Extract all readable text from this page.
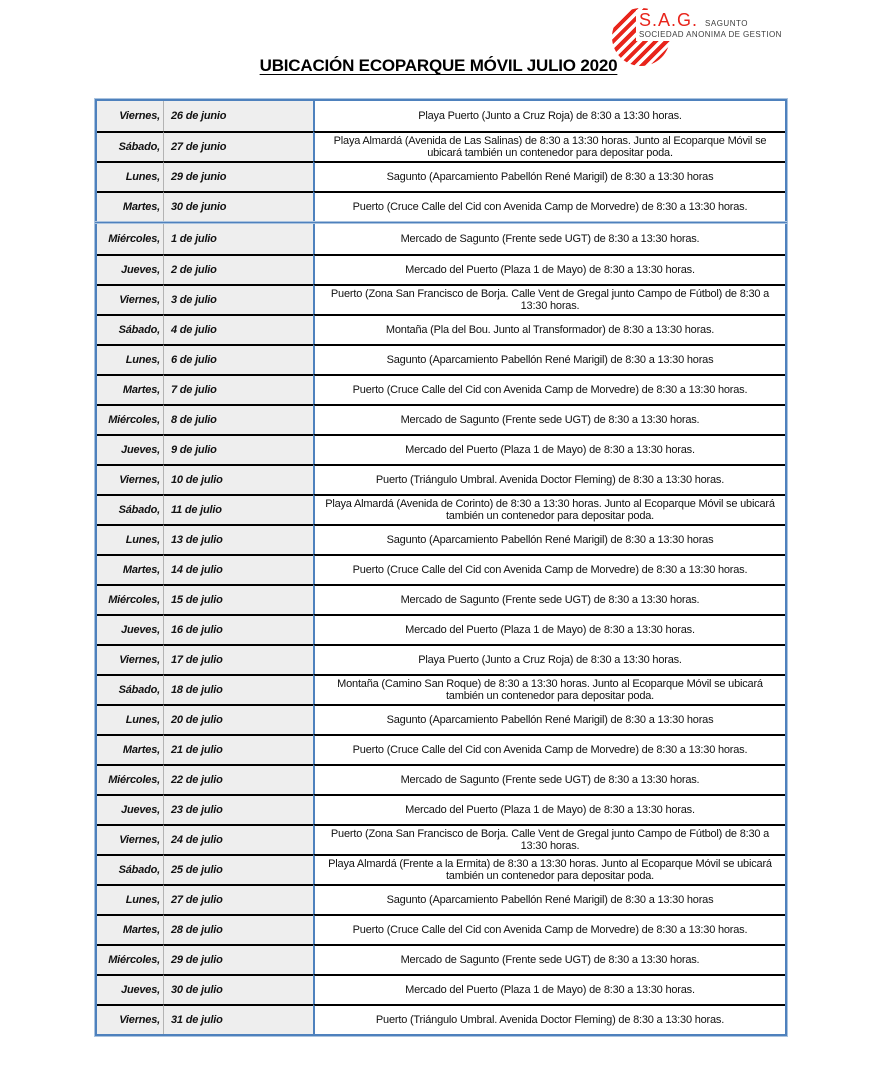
S.A.G. SAGUNTO
SOCIEDAD ANONIMA DE GESTION
UBICACIÓN ECOPARQUE MÓVIL JULIO 2020
Viernes,	26 de junio	Playa Puerto (Junto a Cruz Roja) de 8:30 a 13:30 horas.
Sábado,	27 de junio	Playa Almardá (Avenida de Las Salinas) de 8:30 a 13:30 horas. Junto al Ecoparque Móvil se ubicará también un contenedor para depositar poda.
Lunes,	29 de junio	Sagunto (Aparcamiento Pabellón René Marigil) de 8:30 a 13:30 horas
Martes,	30 de junio	Puerto (Cruce Calle del Cid con Avenida Camp de Morvedre) de 8:30 a 13:30 horas.
Miércoles,	1 de julio	Mercado de Sagunto (Frente sede UGT) de 8:30 a 13:30 horas.
Jueves,	2 de julio	Mercado del Puerto (Plaza 1 de Mayo) de 8:30 a 13:30 horas.
Viernes,	3 de julio	Puerto (Zona San Francisco de Borja. Calle Vent de Gregal junto Campo de Fútbol) de 8:30 a 13:30 horas.
Sábado,	4 de julio	Montaña (Pla del Bou. Junto al Transformador) de 8:30 a 13:30 horas.
Lunes,	6 de julio	Sagunto (Aparcamiento Pabellón René Marigil) de 8:30 a 13:30 horas
Martes,	7 de julio	Puerto (Cruce Calle del Cid con Avenida Camp de Morvedre) de 8:30 a 13:30 horas.
Miércoles,	8 de julio	Mercado de Sagunto (Frente sede UGT) de 8:30 a 13:30 horas.
Jueves,	9 de julio	Mercado del Puerto (Plaza 1 de Mayo) de 8:30 a 13:30 horas.
Viernes,	10 de julio	Puerto (Triángulo Umbral. Avenida Doctor Fleming) de 8:30 a 13:30 horas.
Sábado,	11 de julio	Playa Almardá (Avenida de Corinto) de 8:30 a 13:30 horas. Junto al Ecoparque Móvil se ubicará también un contenedor para depositar poda.
Lunes,	13 de julio	Sagunto (Aparcamiento Pabellón René Marigil) de 8:30 a 13:30 horas
Martes,	14 de julio	Puerto (Cruce Calle del Cid con Avenida Camp de Morvedre) de 8:30 a 13:30 horas.
Miércoles,	15 de julio	Mercado de Sagunto (Frente sede UGT) de 8:30 a 13:30 horas.
Jueves,	16 de julio	Mercado del Puerto (Plaza 1 de Mayo) de 8:30 a 13:30 horas.
Viernes,	17 de julio	Playa Puerto (Junto a Cruz Roja) de 8:30 a 13:30 horas.
Sábado,	18 de julio	Montaña (Camino San Roque) de 8:30 a 13:30 horas. Junto al Ecoparque Móvil se ubicará también un contenedor para depositar poda.
Lunes,	20 de julio	Sagunto (Aparcamiento Pabellón René Marigil) de 8:30 a 13:30 horas
Martes,	21 de julio	Puerto (Cruce Calle del Cid con Avenida Camp de Morvedre) de 8:30 a 13:30 horas.
Miércoles,	22 de julio	Mercado de Sagunto (Frente sede UGT) de 8:30 a 13:30 horas.
Jueves,	23 de julio	Mercado del Puerto (Plaza 1 de Mayo) de 8:30 a 13:30 horas.
Viernes,	24 de julio	Puerto (Zona San Francisco de Borja. Calle Vent de Gregal junto Campo de Fútbol) de 8:30 a 13:30 horas.
Sábado,	25 de julio	Playa Almardá (Frente a la Ermita) de 8:30 a 13:30 horas. Junto al Ecoparque Móvil se ubicará también un contenedor para depositar poda.
Lunes,	27 de julio	Sagunto (Aparcamiento Pabellón René Marigil) de 8:30 a 13:30 horas
Martes,	28 de julio	Puerto (Cruce Calle del Cid con Avenida Camp de Morvedre) de 8:30 a 13:30 horas.
Miércoles,	29 de julio	Mercado de Sagunto (Frente sede UGT) de 8:30 a 13:30 horas.
Jueves,	30 de julio	Mercado del Puerto (Plaza 1 de Mayo) de 8:30 a 13:30 horas.
Viernes,	31 de julio	Puerto (Triángulo Umbral. Avenida Doctor Fleming) de 8:30 a 13:30 horas.
